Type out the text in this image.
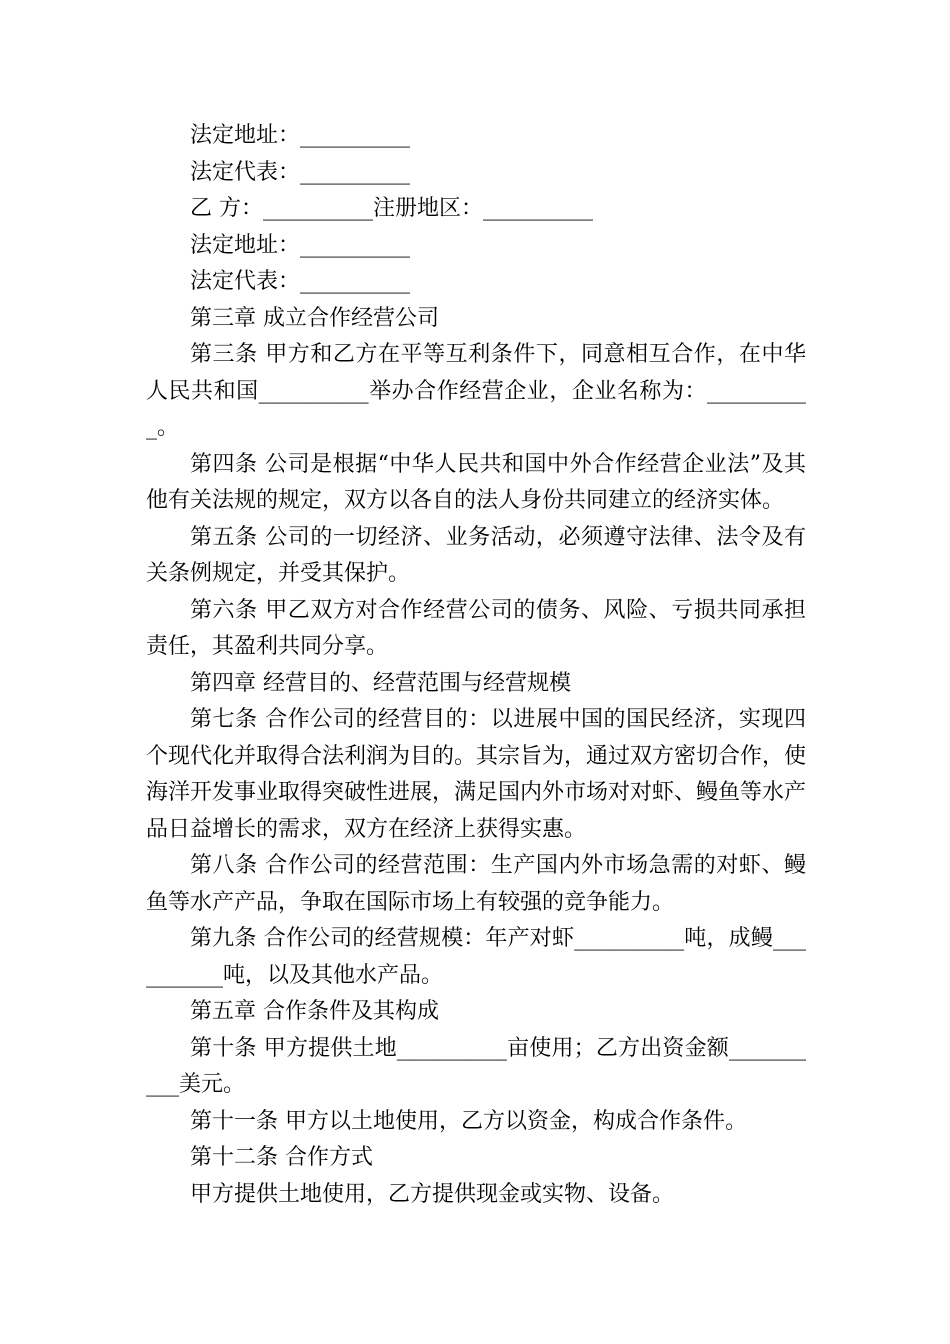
法定地址：__________

法定代表：__________

乙 方：__________注册地区：__________

法定地址：__________

法定代表：__________

第三章 成立合作经营公司

第三条 甲方和乙方在平等互利条件下，同意相互合作，在中华人民共和国__________举办合作经营企业，企业名称为：__________。

第四条 公司是根据“中华人民共和国中外合作经营企业法”及其他有关法规的规定，双方以各自的法人身份共同建立的经济实体。

第五条 公司的一切经济、业务活动，必须遵守法律、法令及有关条例规定，并受其保护。

第六条 甲乙双方对合作经营公司的债务、风险、亏损共同承担责任，其盈利共同分享。

第四章 经营目的、经营范围与经营规模

第七条 合作公司的经营目的：以进展中国的国民经济，实现四个现代化并取得合法利润为目的。其宗旨为，通过双方密切合作，使海洋开发事业取得突破性进展，满足国内外市场对对虾、鳗鱼等水产品日益增长的需求，双方在经济上获得实惠。

第八条 合作公司的经营范围：生产国内外市场急需的对虾、鳗鱼等水产产品，争取在国际市场上有较强的竞争能力。

第九条 合作公司的经营规模：年产对虾__________吨，成鳗__________吨，以及其他水产品。

第五章 合作条件及其构成

第十条 甲方提供土地__________亩使用；乙方出资金额__________美元。

第十一条 甲方以土地使用，乙方以资金，构成合作条件。

第十二条 合作方式

甲方提供土地使用，乙方提供现金或实物、设备。
